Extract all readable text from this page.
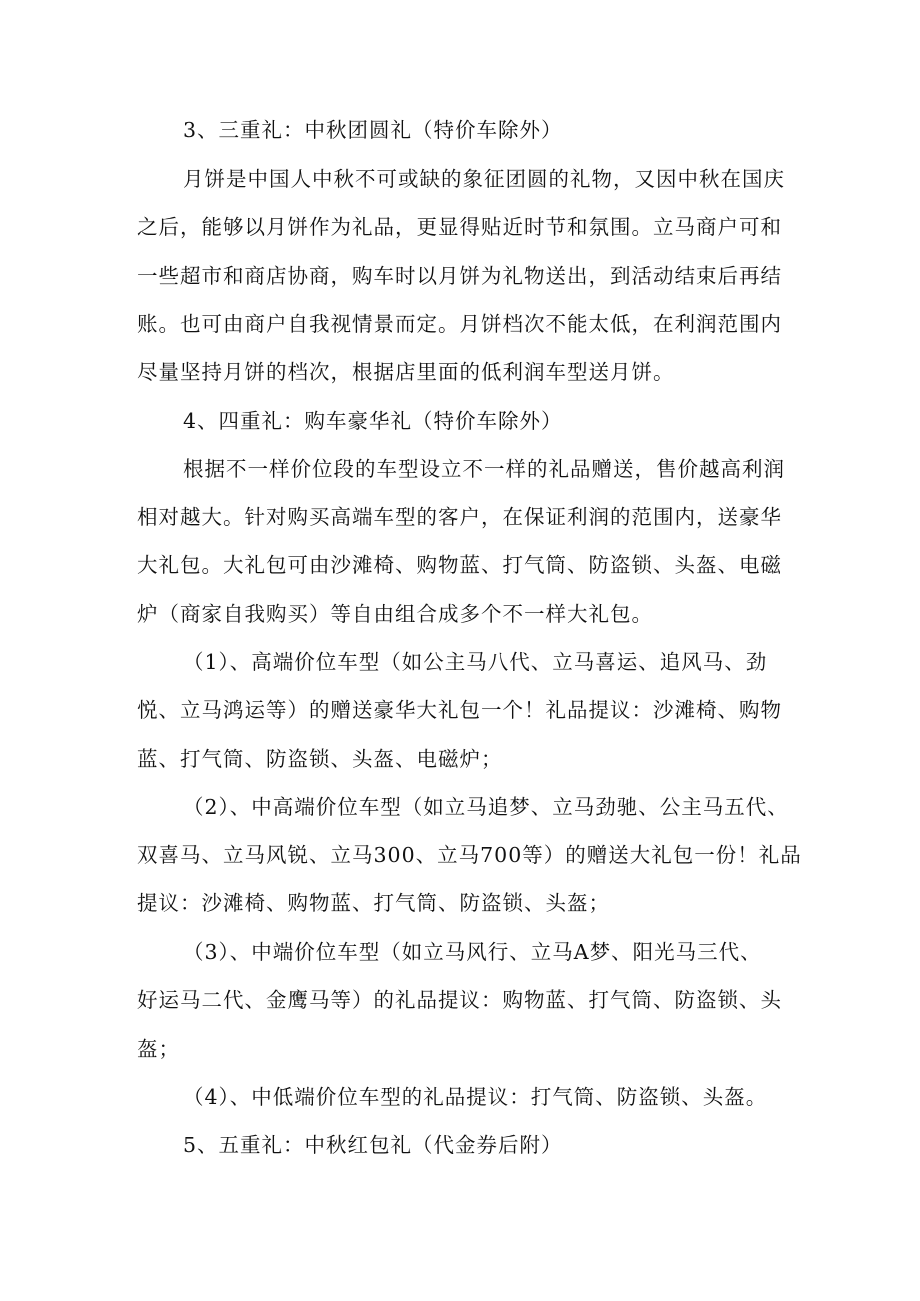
3、三重礼：中秋团圆礼（特价车除外）
月饼是中国人中秋不可或缺的象征团圆的礼物，又因中秋在国庆
之后，能够以月饼作为礼品，更显得贴近时节和氛围。立马商户可和
一些超市和商店协商，购车时以月饼为礼物送出，到活动结束后再结
账。也可由商户自我视情景而定。月饼档次不能太低，在利润范围内
尽量坚持月饼的档次，根据店里面的低利润车型送月饼。
4、四重礼：购车豪华礼（特价车除外）
根据不一样价位段的车型设立不一样的礼品赠送，售价越高利润
相对越大。针对购买高端车型的客户，在保证利润的范围内，送豪华
大礼包。大礼包可由沙滩椅、购物蓝、打气筒、防盗锁、头盔、电磁
炉（商家自我购买）等自由组合成多个不一样大礼包。
（1）、高端价位车型（如公主马八代、立马喜运、追风马、劲
悦、立马鸿运等）的赠送豪华大礼包一个！礼品提议：沙滩椅、购物
蓝、打气筒、防盗锁、头盔、电磁炉；
（2）、中高端价位车型（如立马追梦、立马劲驰、公主马五代、
双喜马、立马风锐、立马300、立马700等）的赠送大礼包一份！礼品
提议：沙滩椅、购物蓝、打气筒、防盗锁、头盔；
（3）、中端价位车型（如立马风行、立马A梦、阳光马三代、
好运马二代、金鹰马等）的礼品提议：购物蓝、打气筒、防盗锁、头
盔；
（4）、中低端价位车型的礼品提议：打气筒、防盗锁、头盔。
5、五重礼：中秋红包礼（代金券后附）
